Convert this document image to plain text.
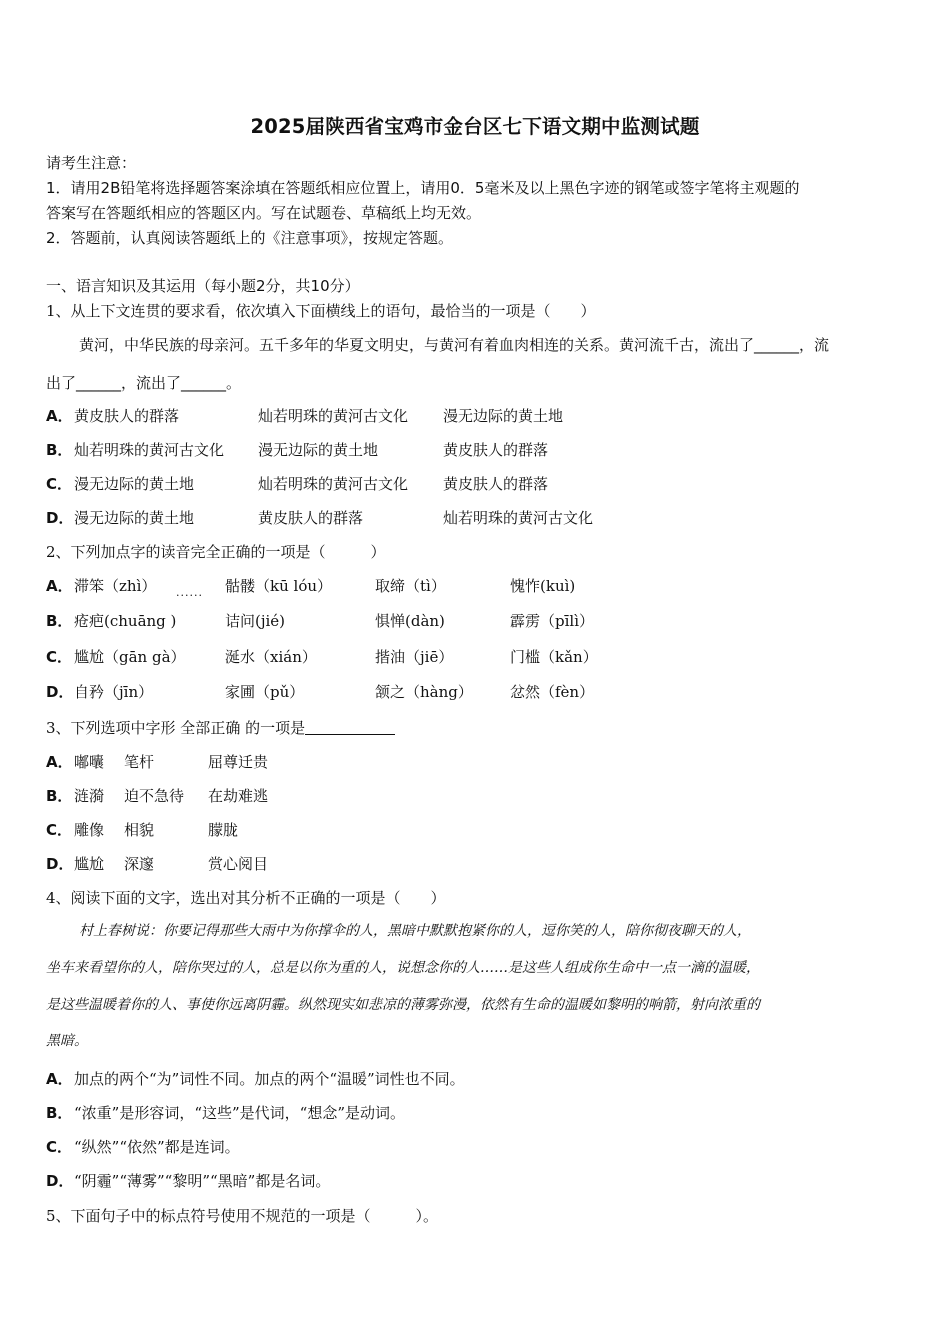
2025届陕西省宝鸡市金台区七下语文期中监测试题
请考生注意：
1．请用2B铅笔将选择题答案涂填在答题纸相应位置上，请用0．5毫米及以上黑色字迹的钢笔或签字笔将主观题的
答案写在答题纸相应的答题区内。写在试题卷、草稿纸上均无效。
2．答题前，认真阅读答题纸上的《注意事项》，按规定答题。
一、语言知识及其运用（每小题2分，共10分）
1、从上下文连贯的要求看，依次填入下面横线上的语句，最恰当的一项是（　　）
黄河，中华民族的母亲河。五千多年的华夏文明史，与黄河有着血肉相连的关系。黄河流千古，流出了______，流
出了______，流出了______。
A． 黄皮肤人的群落	灿若明珠的黄河古文化 漫无边际的黄土地
B． 灿若明珠的黄河古文化 漫无边际的黄土地	黄皮肤人的群落
C． 漫无边际的黄土地	灿若明珠的黄河古文化 黄皮肤人的群落
D． 漫无边际的黄土地	黄皮肤人的群落	灿若明珠的黄河古文化
2、下列加点字的读音完全正确的一项是（　　　）
A． 滞笨（zhì）	骷髅（kū lóu）	取缔（tì）	愧怍(kuì)
......
B． 疮疤(chuāng )	诘问(jié)	惧惮(dàn)	霹雳（pīlì）
C． 尴尬（gān gà）	涎水（xián）	揩油（jiē）	门槛（kǎn）
D． 自矜（jīn）	家圃（pǔ）	颔之（hàng） 忿然（fèn）
3、下列选项中字形 全部正确 的一项是
A． 嘟囔 笔杆	屈尊迁贵
B． 涟漪 迫不急待 在劫难逃
C． 雕像 相貌	朦胧
D． 尴尬 深邃	赏心阅目
4、阅读下面的文字，选出对其分析不正确的一项是（　　）
村上春树说：你要记得那些大雨中为你撑伞的人，黑暗中默默抱紧你的人，逗你笑的人，陪你彻夜聊天的人，
坐车来看望你的人，陪你哭过的人，总是以你为重的人，说想念你的人……是这些人组成你生命中一点一滴的温暖，
是这些温暖着你的人、事使你远离阴霾。纵然现实如悲凉的薄雾弥漫，依然有生命的温暖如黎明的响箭，射向浓重的
黑暗。
A． 加点的两个“为”词性不同。加点的两个“温暖”词性也不同。
B． “浓重”是形容词，“这些”是代词，“想念”是动词。
C． “纵然”“依然”都是连词。
D． “阴霾”“薄雾”“黎明”“黑暗”都是名词。
5、下面句子中的标点符号使用不规范的一项是（　　　）。
